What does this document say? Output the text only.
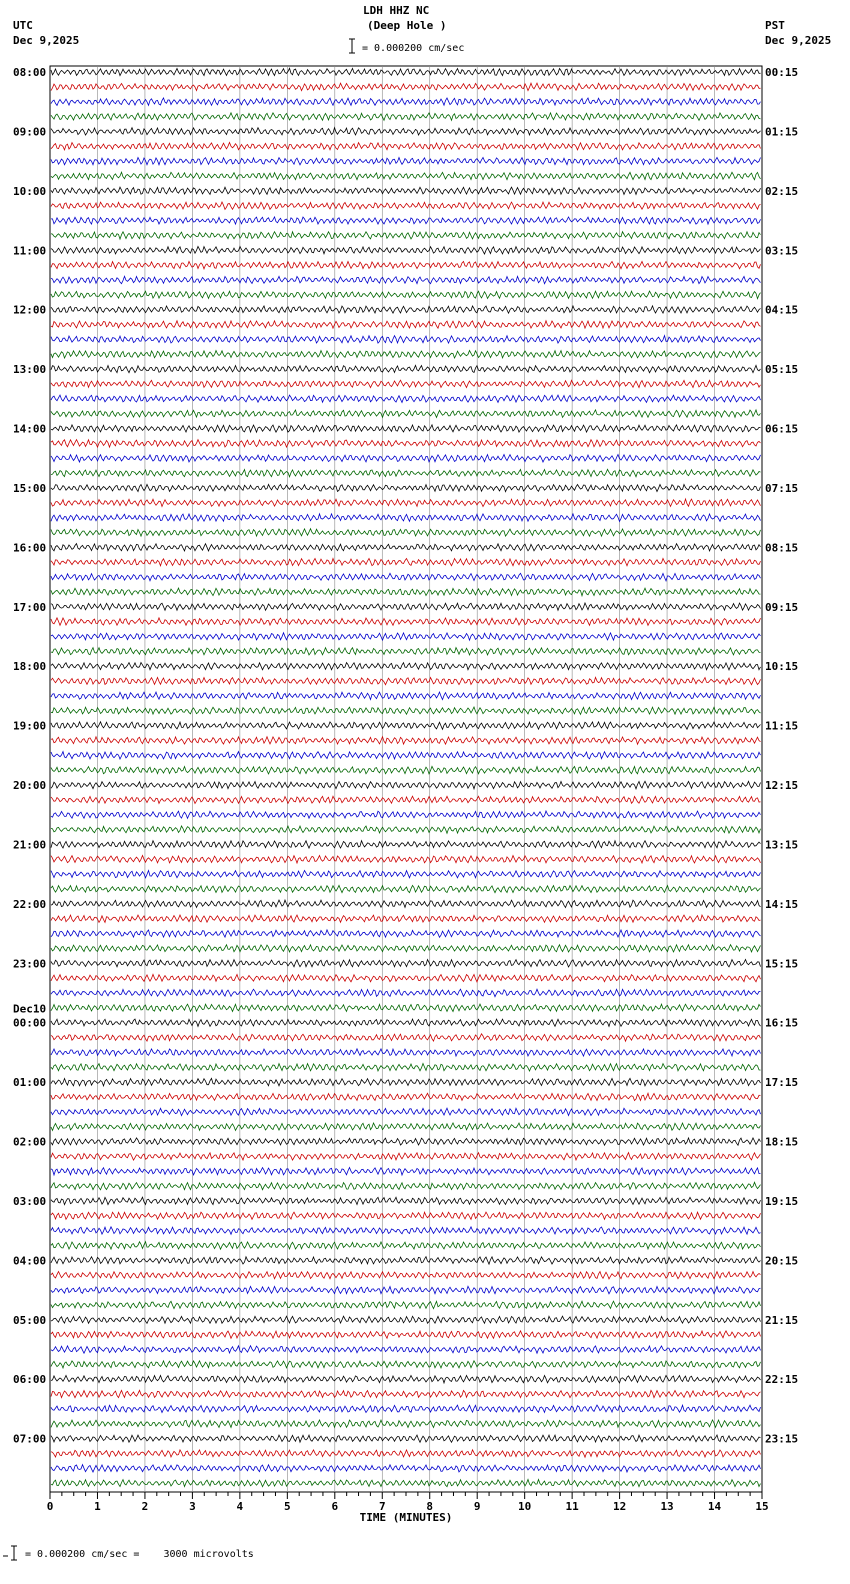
LDH HHZ NC
(Deep Hole )
= 0.000200 cm/sec
UTC
Dec 9,2025
PST
Dec 9,2025
= 0.000200 cm/sec =    3000 microvolts
08:00	00:15
09:00	01:15
10:00	02:15
11:00	03:15
12:00	04:15
13:00	05:15
14:00	06:15
15:00	07:15
16:00	08:15
17:00	09:15
18:00	10:15
19:00	11:15
20:00	12:15
21:00	13:15
22:00	14:15
23:00	15:15
00:00	16:15
Dec10
01:00	17:15
02:00	18:15
03:00	19:15
04:00	20:15
05:00	21:15
06:00	22:15
07:00	23:15
0	1	2	3	4	5	6	7	8	9	10	11	12	13	14	15
TIME (MINUTES)
